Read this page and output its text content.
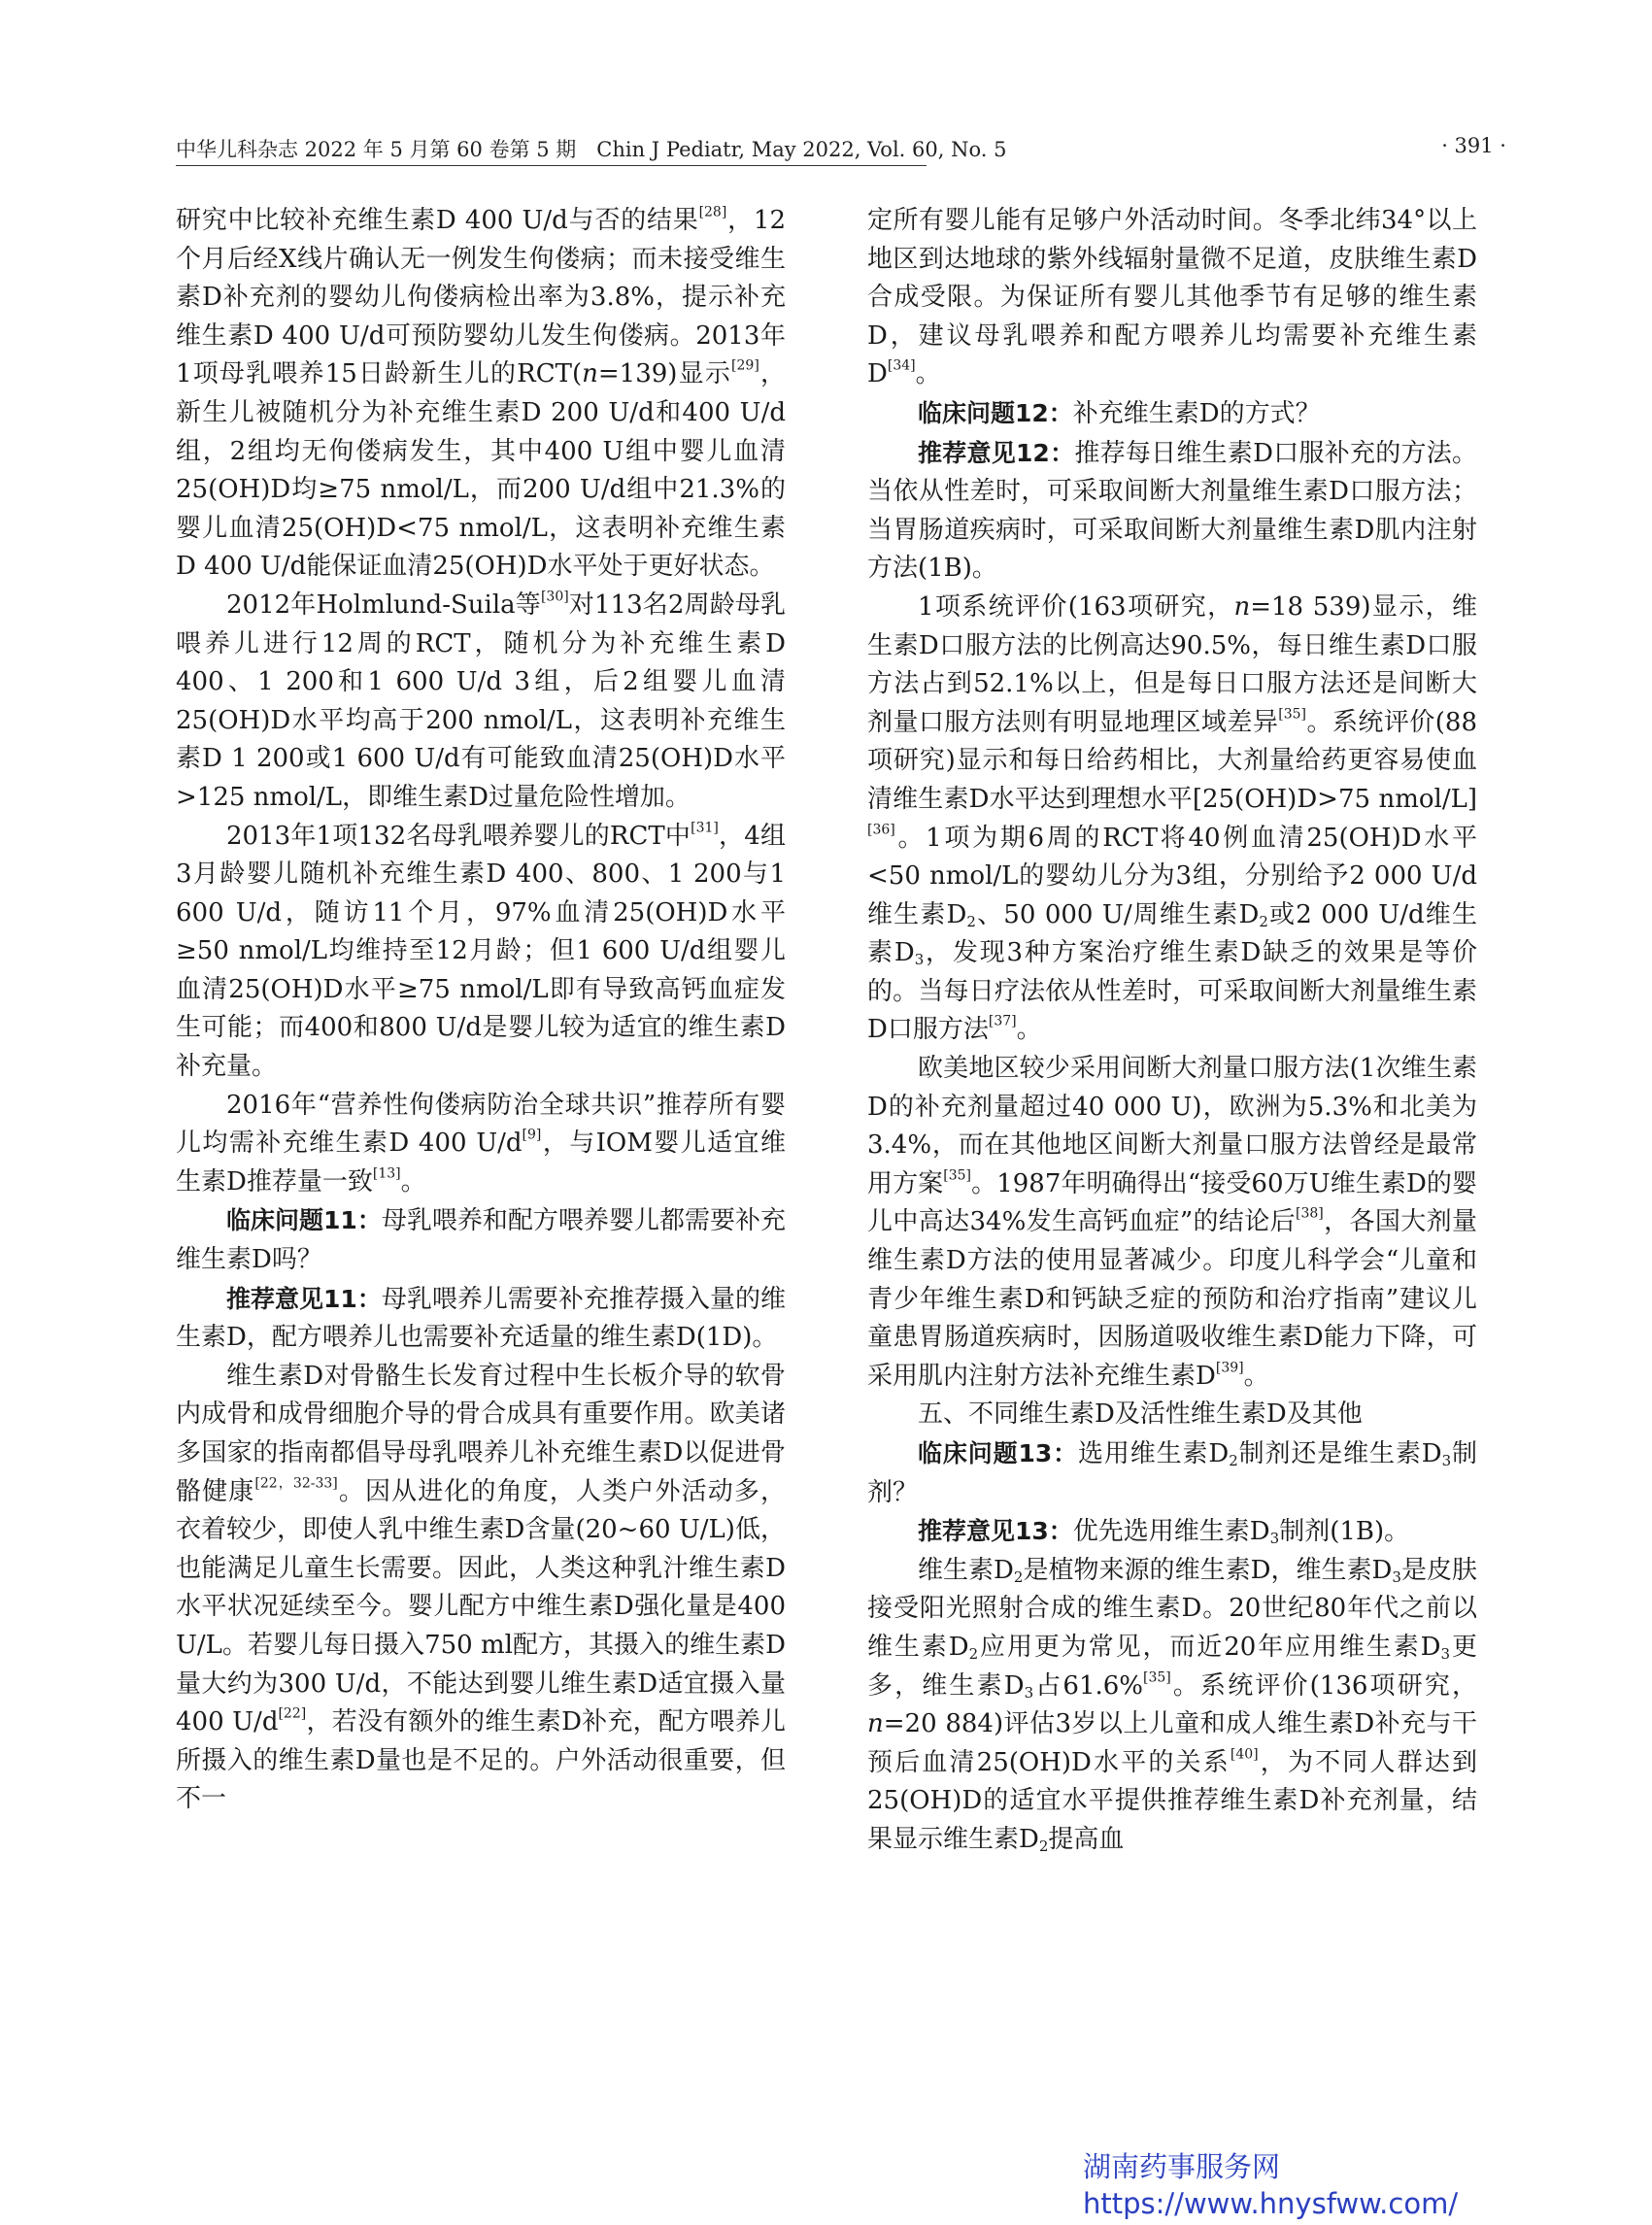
中华儿科杂志 2022 年 5 月第 60 卷第 5 期　Chin J Pediatr, May 2022, Vol. 60, No. 5	· 391 ·

研究中比较补充维生素D 400 U/d与否的结果[28]，12个月后经X线片确认无一例发生佝偻病；而未接受维生素D补充剂的婴幼儿佝偻病检出率为3.8%，提示补充维生素D 400 U/d可预防婴幼儿发生佝偻病。2013年1项母乳喂养15日龄新生儿的RCT(n=139)显示[29]，新生儿被随机分为补充维生素D 200 U/d和400 U/d组，2组均无佝偻病发生，其中400 U组中婴儿血清25(OH)D均≥75 nmol/L，而200 U/d组中21.3%的婴儿血清25(OH)D<75 nmol/L，这表明补充维生素D 400 U/d能保证血清25(OH)D水平处于更好状态。

2012年Holmlund-Suila等[30]对113名2周龄母乳喂养儿进行12周的RCT，随机分为补充维生素D 400、1 200和1 600 U/d 3组，后2组婴儿血清25(OH)D水平均高于200 nmol/L，这表明补充维生素D 1 200或1 600 U/d有可能致血清25(OH)D水平>125 nmol/L，即维生素D过量危险性增加。

2013年1项132名母乳喂养婴儿的RCT中[31]，4组3月龄婴儿随机补充维生素D 400、800、1 200与1 600 U/d，随访11个月，97%血清25(OH)D水平≥50 nmol/L均维持至12月龄；但1 600 U/d组婴儿血清25(OH)D水平≥75 nmol/L即有导致高钙血症发生可能；而400和800 U/d是婴儿较为适宜的维生素D补充量。

2016年“营养性佝偻病防治全球共识”推荐所有婴儿均需补充维生素D 400 U/d[9]，与IOM婴儿适宜维生素D推荐量一致[13]。

临床问题11：母乳喂养和配方喂养婴儿都需要补充维生素D吗？

推荐意见11：母乳喂养儿需要补充推荐摄入量的维生素D，配方喂养儿也需要补充适量的维生素D(1D)。

维生素D对骨骼生长发育过程中生长板介导的软骨内成骨和成骨细胞介导的骨合成具有重要作用。欧美诸多国家的指南都倡导母乳喂养儿补充维生素D以促进骨骼健康[22，32-33]。因从进化的角度，人类户外活动多，衣着较少，即使人乳中维生素D含量(20~60 U/L)低，也能满足儿童生长需要。因此，人类这种乳汁维生素D水平状况延续至今。婴儿配方中维生素D强化量是400 U/L。若婴儿每日摄入750 ml配方，其摄入的维生素D量大约为300 U/d，不能达到婴儿维生素D适宜摄入量400 U/d[22]，若没有额外的维生素D补充，配方喂养儿所摄入的维生素D量也是不足的。户外活动很重要，但不一

定所有婴儿能有足够户外活动时间。冬季北纬34°以上地区到达地球的紫外线辐射量微不足道，皮肤维生素D合成受限。为保证所有婴儿其他季节有足够的维生素D，建议母乳喂养和配方喂养儿均需要补充维生素D[34]。

临床问题12：补充维生素D的方式？

推荐意见12：推荐每日维生素D口服补充的方法。当依从性差时，可采取间断大剂量维生素D口服方法；当胃肠道疾病时，可采取间断大剂量维生素D肌内注射方法(1B)。

1项系统评价(163项研究，n=18 539)显示，维生素D口服方法的比例高达90.5%，每日维生素D口服方法占到52.1%以上，但是每日口服方法还是间断大剂量口服方法则有明显地理区域差异[35]。系统评价(88项研究)显示和每日给药相比，大剂量给药更容易使血清维生素D水平达到理想水平[25(OH)D>75 nmol/L][36]。1项为期6周的RCT将40例血清25(OH)D水平<50 nmol/L的婴幼儿分为3组，分别给予2 000 U/d维生素$D_2$、50 000 U/周维生素$D_2$或2 000 U/d维生素$D_3$，发现3种方案治疗维生素D缺乏的效果是等价的。当每日疗法依从性差时，可采取间断大剂量维生素D口服方法[37]。

欧美地区较少采用间断大剂量口服方法(1次维生素D的补充剂量超过40 000 U)，欧洲为5.3%和北美为3.4%，而在其他地区间断大剂量口服方法曾经是最常用方案[35]。1987年明确得出“接受60万U维生素D的婴儿中高达34%发生高钙血症”的结论后[38]，各国大剂量维生素D方法的使用显著减少。印度儿科学会“儿童和青少年维生素D和钙缺乏症的预防和治疗指南”建议儿童患胃肠道疾病时，因肠道吸收维生素D能力下降，可采用肌内注射方法补充维生素D[39]。

五、不同维生素D及活性维生素D及其他

临床问题13：选用维生素$D_2$制剂还是维生素$D_3$制剂？

推荐意见13：优先选用维生素$D_3$制剂(1B)。

维生素$D_2$是植物来源的维生素D，维生素$D_3$是皮肤接受阳光照射合成的维生素D。20世纪80年代之前以维生素$D_2$应用更为常见，而近20年应用维生素$D_3$更多，维生素$D_3$占61.6%[35]。系统评价(136项研究，n=20 884)评估3岁以上儿童和成人维生素D补充与干预后血清25(OH)D水平的关系[40]，为不同人群达到25(OH)D的适宜水平提供推荐维生素D补充剂量，结果显示维生素$D_2$提高血

湖南药事服务网
https://www.hnysfww.com/
